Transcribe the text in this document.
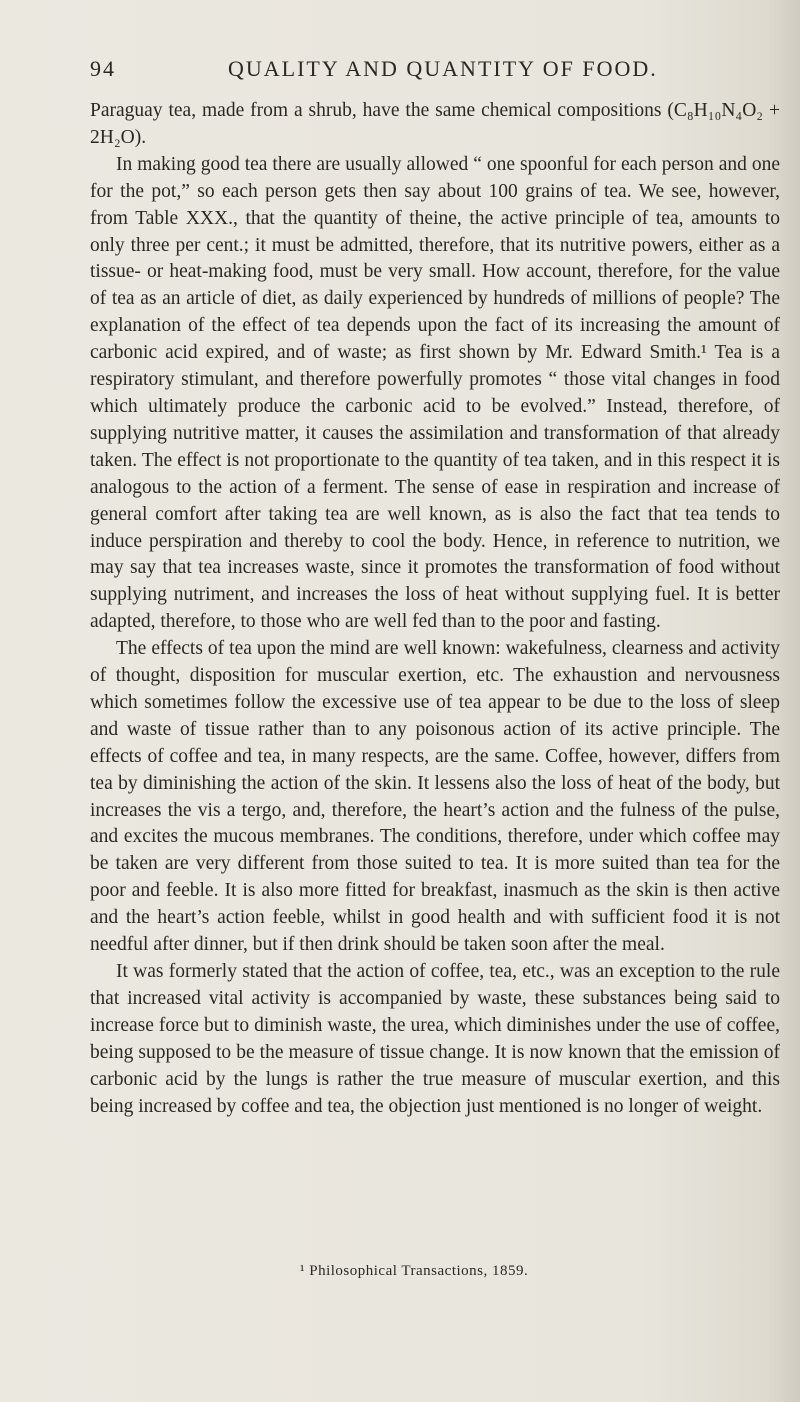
94	QUALITY AND QUANTITY OF FOOD.

Paraguay tea, made from a shrub, have the same chemical compositions (C₈H₁₀N₄O₂ + 2H₂O).

In making good tea there are usually allowed “ one spoonful for each person and one for the pot,” so each person gets then say about 100 grains of tea. We see, however, from Table XXX., that the quantity of theine, the active principle of tea, amounts to only three per cent.; it must be admitted, therefore, that its nutritive powers, either as a tissue- or heat-making food, must be very small. How account, therefore, for the value of tea as an article of diet, as daily experienced by hundreds of millions of people? The explanation of the effect of tea depends upon the fact of its increasing the amount of carbonic acid expired, and of waste; as first shown by Mr. Edward Smith.¹ Tea is a respiratory stimulant, and therefore powerfully promotes “ those vital changes in food which ultimately produce the carbonic acid to be evolved.” Instead, therefore, of supplying nutritive matter, it causes the assimilation and transformation of that already taken. The effect is not proportionate to the quantity of tea taken, and in this respect it is analogous to the action of a ferment. The sense of ease in respiration and increase of general comfort after taking tea are well known, as is also the fact that tea tends to induce perspiration and thereby to cool the body. Hence, in reference to nutrition, we may say that tea increases waste, since it promotes the transformation of food without supplying nutriment, and increases the loss of heat without supplying fuel. It is better adapted, therefore, to those who are well fed than to the poor and fasting.

The effects of tea upon the mind are well known: wakefulness, clearness and activity of thought, disposition for muscular exertion, etc. The exhaustion and nervousness which sometimes follow the excessive use of tea appear to be due to the loss of sleep and waste of tissue rather than to any poisonous action of its active principle. The effects of coffee and tea, in many respects, are the same. Coffee, however, differs from tea by diminishing the action of the skin. It lessens also the loss of heat of the body, but increases the vis a tergo, and, therefore, the heart’s action and the fulness of the pulse, and excites the mucous membranes. The conditions, therefore, under which coffee may be taken are very different from those suited to tea. It is more suited than tea for the poor and feeble. It is also more fitted for breakfast, inasmuch as the skin is then active and the heart’s action feeble, whilst in good health and with sufficient food it is not needful after dinner, but if then drink should be taken soon after the meal.

It was formerly stated that the action of coffee, tea, etc., was an exception to the rule that increased vital activity is accompanied by waste, these substances being said to increase force but to diminish waste, the urea, which diminishes under the use of coffee, being supposed to be the measure of tissue change. It is now known that the emission of carbonic acid by the lungs is rather the true measure of muscular exertion, and this being increased by coffee and tea, the objection just mentioned is no longer of weight.

¹ Philosophical Transactions, 1859.
